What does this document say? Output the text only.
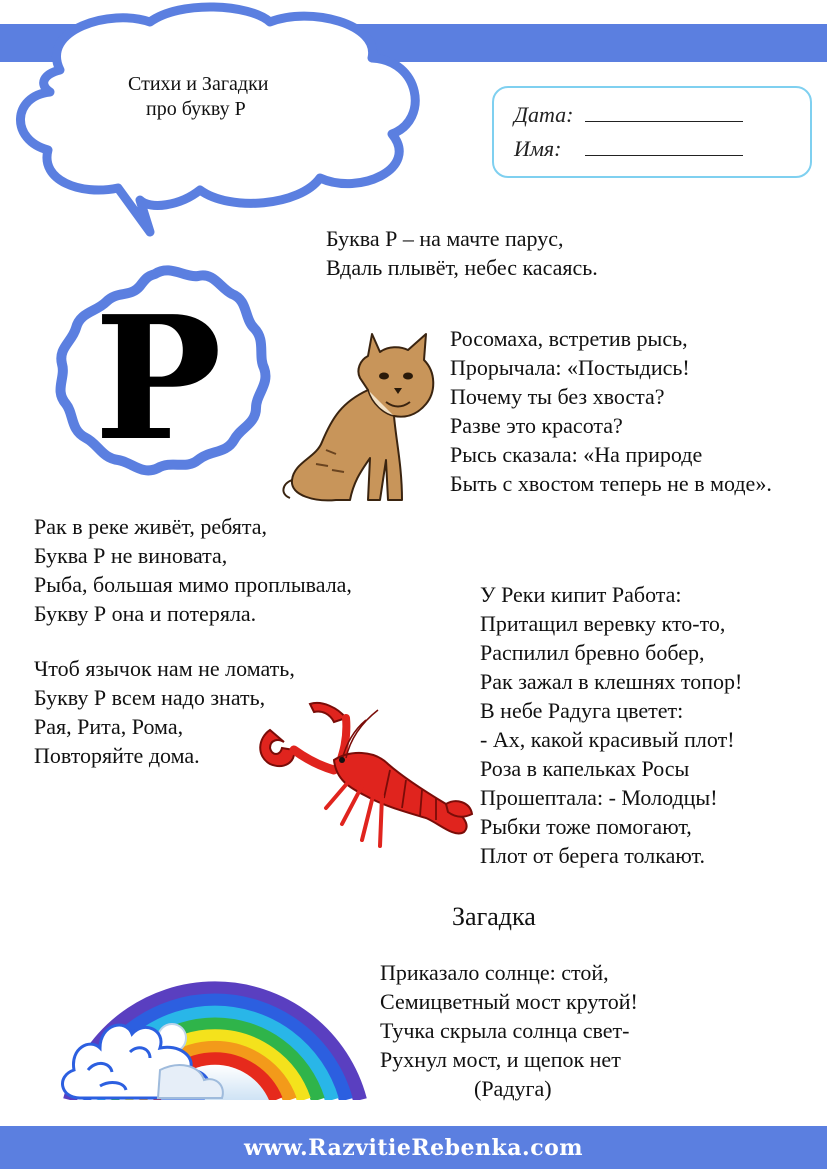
Стихи и Загадки
про букву Р	Дата:
Имя:
Буква Р – на мачте парус,
Вдаль плывёт, небес касаясь.
Р	Росомаха, встретив рысь,
Прорычала: «Постыдись!
Почему ты без хвоста?
Разве это красота?
Рысь сказала: «На природе
Быть с хвостом теперь не в моде».
Рак в реке живёт, ребята,
Буква Р не виновата,
Рыба, большая мимо проплывала,
Букву Р она и потеряла.
Чтоб язычок нам не ломать,
Букву Р всем надо знать,
Рая, Рита, Рома,
Повторяйте дома.
У Реки кипит Работа:
Притащил веревку кто-то,
Распилил бревно бобер,
Рак зажал в клешнях топор!
В небе Радуга цветет:
- Ах, какой красивый плот!
Роза в капельках Росы
Прошептала: - Молодцы!
Рыбки тоже помогают,
Плот от берега толкают.
Загадка
Приказало солнце: стой,
Семицветный мост крутой!
Тучка скрыла солнца свет-
Рухнул мост, и щепок нет
(Радуга)
www.RazvitieRebenka.com
